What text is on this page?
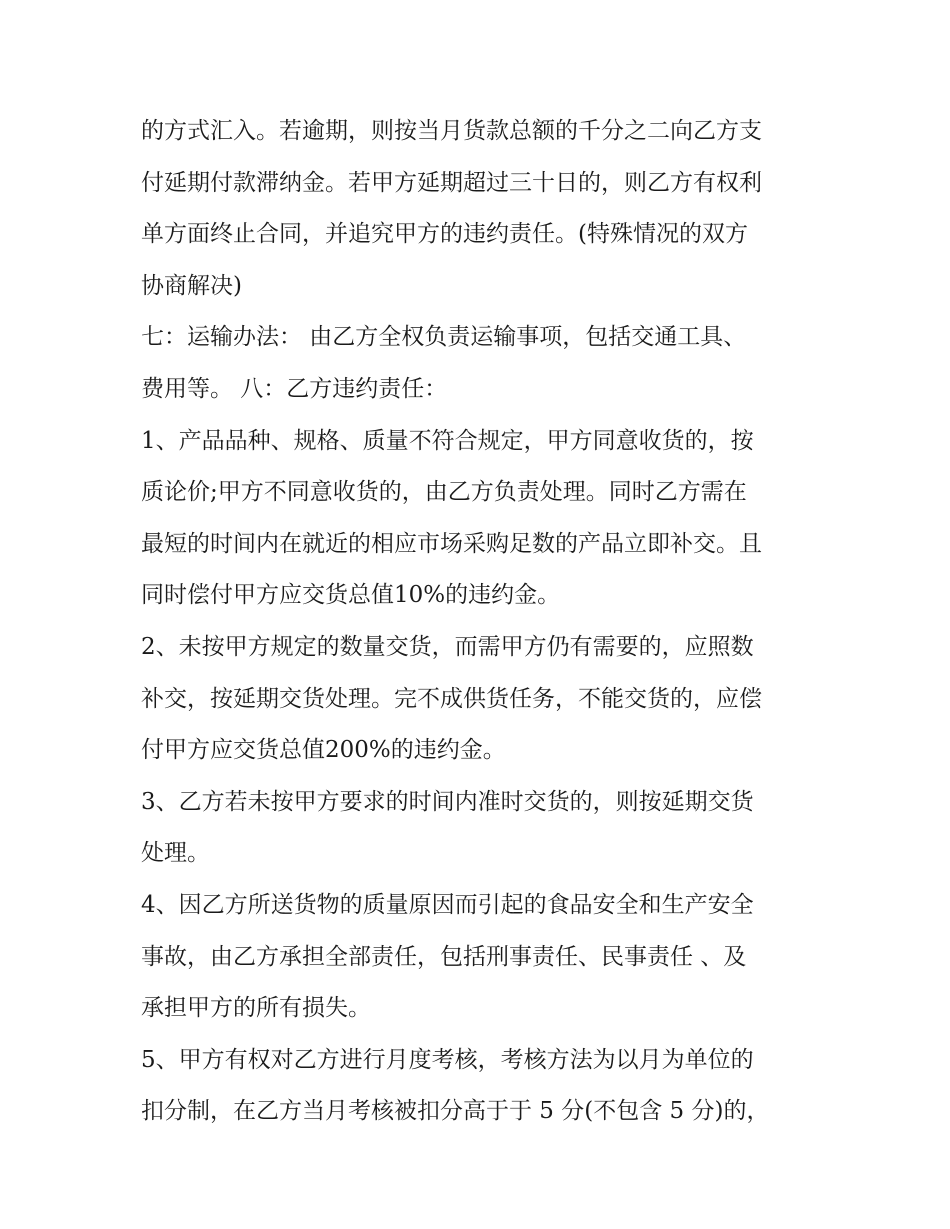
的方式汇入。若逾期，则按当月货款总额的千分之二向乙方支
付延期付款滞纳金。若甲方延期超过三十日的，则乙方有权利
单方面终止合同，并追究甲方的违约责任。(特殊情况的双方
协商解决)
七：运输办法： 由乙方全权负责运输事项，包括交通工具、
费用等。 八：乙方违约责任：
1、产品品种、规格、质量不符合规定，甲方同意收货的，按
质论价;甲方不同意收货的，由乙方负责处理。同时乙方需在
最短的时间内在就近的相应市场采购足数的产品立即补交。且
同时偿付甲方应交货总值10%的违约金。
2、未按甲方规定的数量交货，而需甲方仍有需要的，应照数
补交，按延期交货处理。完不成供货任务，不能交货的，应偿
付甲方应交货总值200%的违约金。
3、乙方若未按甲方要求的时间内准时交货的，则按延期交货
处理。
4、因乙方所送货物的质量原因而引起的食品安全和生产安全
事故，由乙方承担全部责任，包括刑事责任、民事责任 、及
承担甲方的所有损失。
5、甲方有权对乙方进行月度考核，考核方法为以月为单位的
扣分制，在乙方当月考核被扣分高于于 5 分(不包含 5 分)的，
